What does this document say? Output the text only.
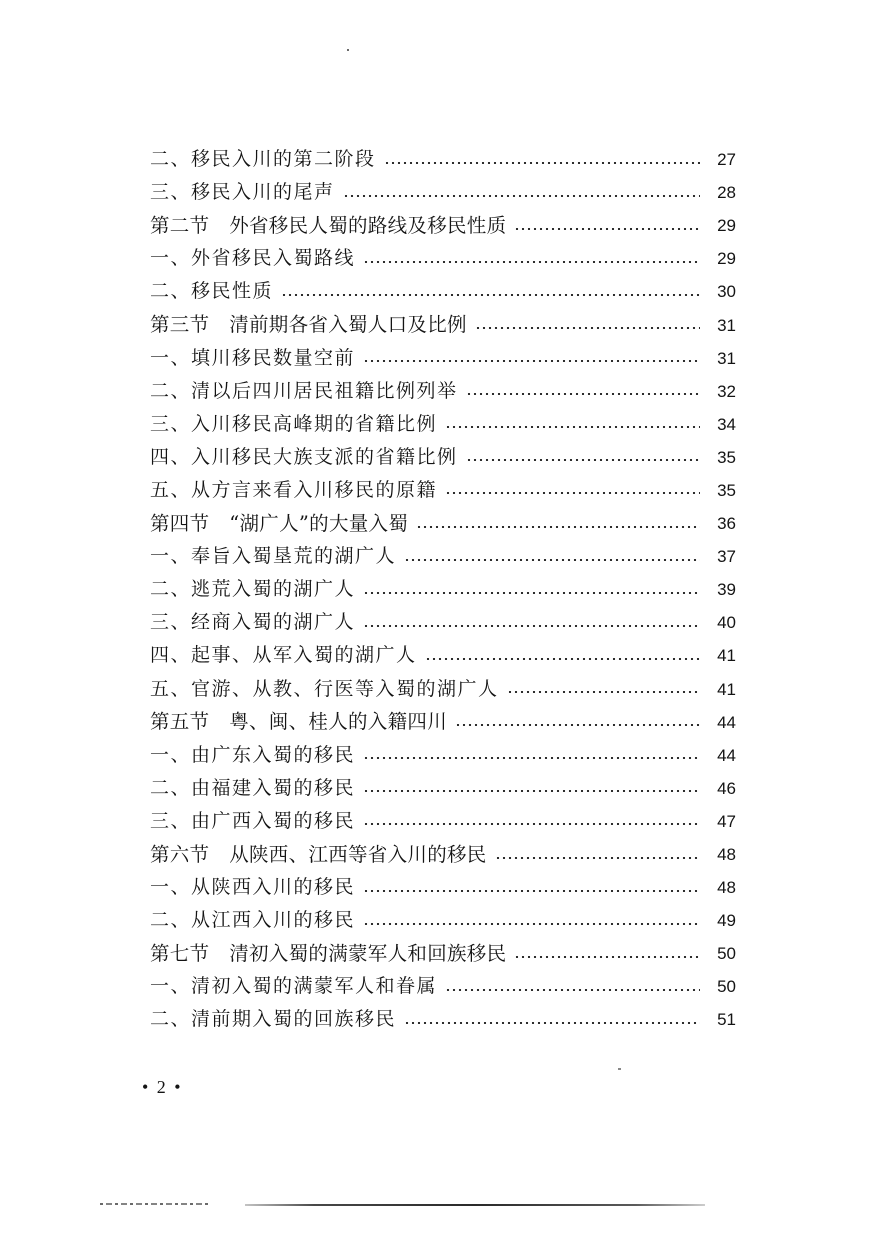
二、移民入川的第二阶段	27
三、移民入川的尾声	28
第二节　外省移民人蜀的路线及移民性质	29
一、外省移民入蜀路线	29
二、移民性质	30
第三节　清前期各省入蜀人口及比例	31
一、填川移民数量空前	31
二、清以后四川居民祖籍比例列举	32
三、入川移民高峰期的省籍比例	34
四、入川移民大族支派的省籍比例	35
五、从方言来看入川移民的原籍	35
第四节　“湖广人”的大量入蜀	36
一、奉旨入蜀垦荒的湖广人	37
二、逃荒入蜀的湖广人	39
三、经商入蜀的湖广人	40
四、起事、从军入蜀的湖广人	41
五、官游、从教、行医等入蜀的湖广人	41
第五节　粤、闽、桂人的入籍四川	44
一、由广东入蜀的移民	44
二、由福建入蜀的移民	46
三、由广西入蜀的移民	47
第六节　从陕西、江西等省入川的移民	48
一、从陕西入川的移民	48
二、从江西入川的移民	49
第七节　清初入蜀的满蒙军人和回族移民	50
一、清初入蜀的满蒙军人和眷属	50
二、清前期入蜀的回族移民	51
• 2 •
